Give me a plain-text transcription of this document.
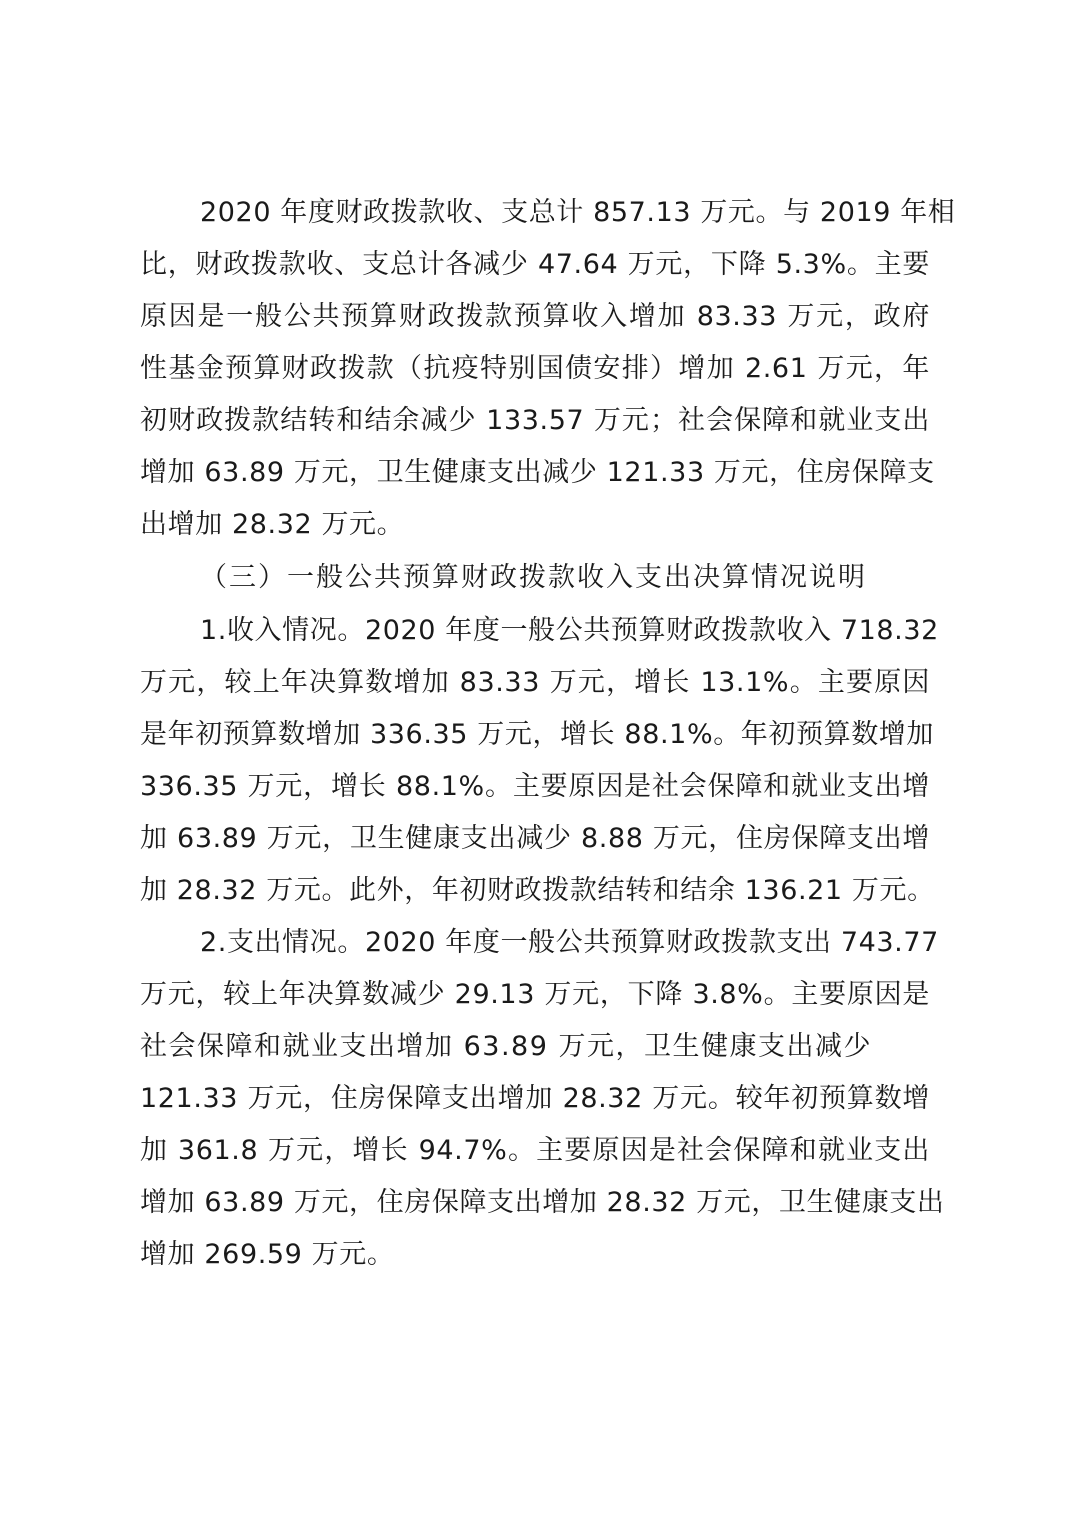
2020 年度财政拨款收、支总计 857.13 万元。与 2019 年相
比，财政拨款收、支总计各减少 47.64 万元，下降 5.3%。主要
原因是一般公共预算财政拨款预算收入增加 83.33 万元，政府
性基金预算财政拨款（抗疫特别国债安排）增加 2.61 万元，年
初财政拨款结转和结余减少 133.57 万元；社会保障和就业支出
增加 63.89 万元，卫生健康支出减少 121.33 万元，住房保障支
出增加 28.32 万元。
（三）一般公共预算财政拨款收入支出决算情况说明
1.收入情况。2020 年度一般公共预算财政拨款收入 718.32
万元，较上年决算数增加 83.33 万元，增长 13.1%。主要原因
是年初预算数增加 336.35 万元，增长 88.1%。年初预算数增加
336.35 万元，增长 88.1%。主要原因是社会保障和就业支出增
加 63.89 万元，卫生健康支出减少 8.88 万元，住房保障支出增
加 28.32 万元。此外，年初财政拨款结转和结余 136.21 万元。
2.支出情况。2020 年度一般公共预算财政拨款支出 743.77
万元，较上年决算数减少 29.13 万元，下降 3.8%。主要原因是
社会保障和就业支出增加 63.89 万元，卫生健康支出减少
121.33 万元，住房保障支出增加 28.32 万元。较年初预算数增
加 361.8 万元，增长 94.7%。主要原因是社会保障和就业支出
增加 63.89 万元，住房保障支出增加 28.32 万元，卫生健康支出
增加 269.59 万元。
